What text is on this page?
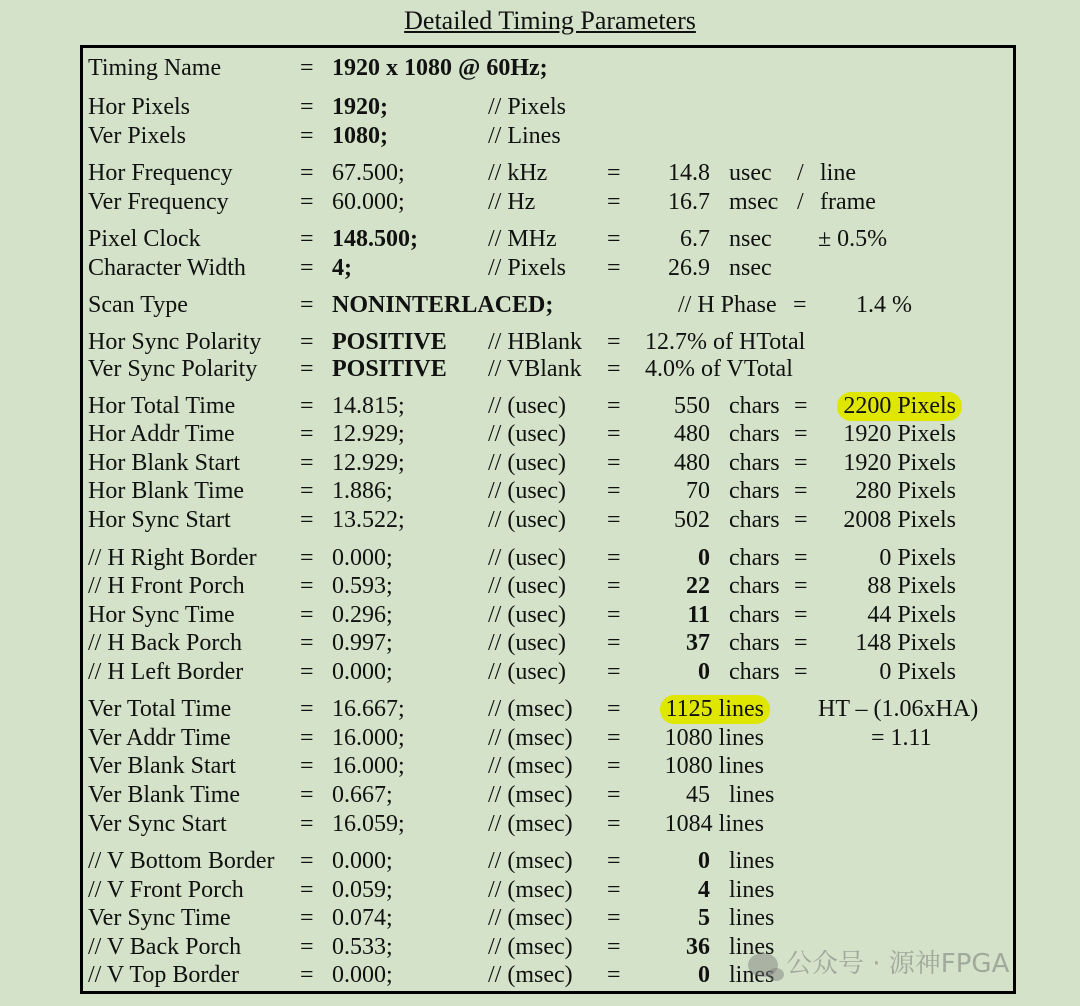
Detailed Timing Parameters
Timing Name	= 1920 x 1080 @ 60Hz;
Hor Pixels	= 1920;	// Pixels
Ver Pixels	= 1080;	// Lines
Hor Frequency	= 67.500;	// kHz = 14.8 usec / line
Ver Frequency	= 60.000;	// Hz	= 16.7 msec / frame
Pixel Clock	= 148.500;	// MHz = 6.7 nsec ± 0.5%
Character Width = 4;	// Pixels = 26.9 nsec
Scan Type	= NONINTERLACED;	// H Phase = 1.4 %
Hor Sync Polarity = POSITIVE // HBlank = 12.7% of HTotal
Ver Sync Polarity = POSITIVE // VBlank = 4.0% of VTotal
Hor Total Time	= 14.815;	// (usec) = 550 chars = 2200 Pixels
Hor Addr Time	= 12.929;	// (usec) = 480 chars = 1920 Pixels
Hor Blank Start	= 12.929;	// (usec) = 480 chars = 1920 Pixels
Hor Blank Time = 1.886;	// (usec) =	70 chars = 280 Pixels
Hor Sync Start	= 13.522;	// (usec) = 502 chars = 2008 Pixels
// H Right Border = 0.000;	// (usec) =	0 chars =	0 Pixels
// H Front Porch = 0.593;	// (usec) =	22 chars = 88 Pixels
Hor Sync Time	= 0.296;	// (usec) =	11 chars = 44 Pixels
// H Back Porch = 0.997;	// (usec) =	37 chars = 148 Pixels
// H Left Border = 0.000;	// (usec) =	0 chars =	0 Pixels
Ver Total Time	= 16.667;	// (msec) = 1125 lines HT – (1.06xHA)
Ver Addr Time	= 16.000;	// (msec) = 1080 lines	= 1.11
Ver Blank Start	= 16.000;	// (msec) = 1080 lines
Ver Blank Time = 0.667;	// (msec) =	45 lines
Ver Sync Start	= 16.059;	// (msec) = 1084 lines
// V Bottom Border = 0.000;	// (msec) =	0 lines
// V Front Porch = 0.059;	// (msec) =	4 lines
Ver Sync Time	= 0.074;	// (msec) =	5 lines
// V Back Porch = 0.533;	// (msec) =	36 lines
// V Top Border	= 0.000;	// (msec) =	0 lines 公众号 · 源神FPGA
